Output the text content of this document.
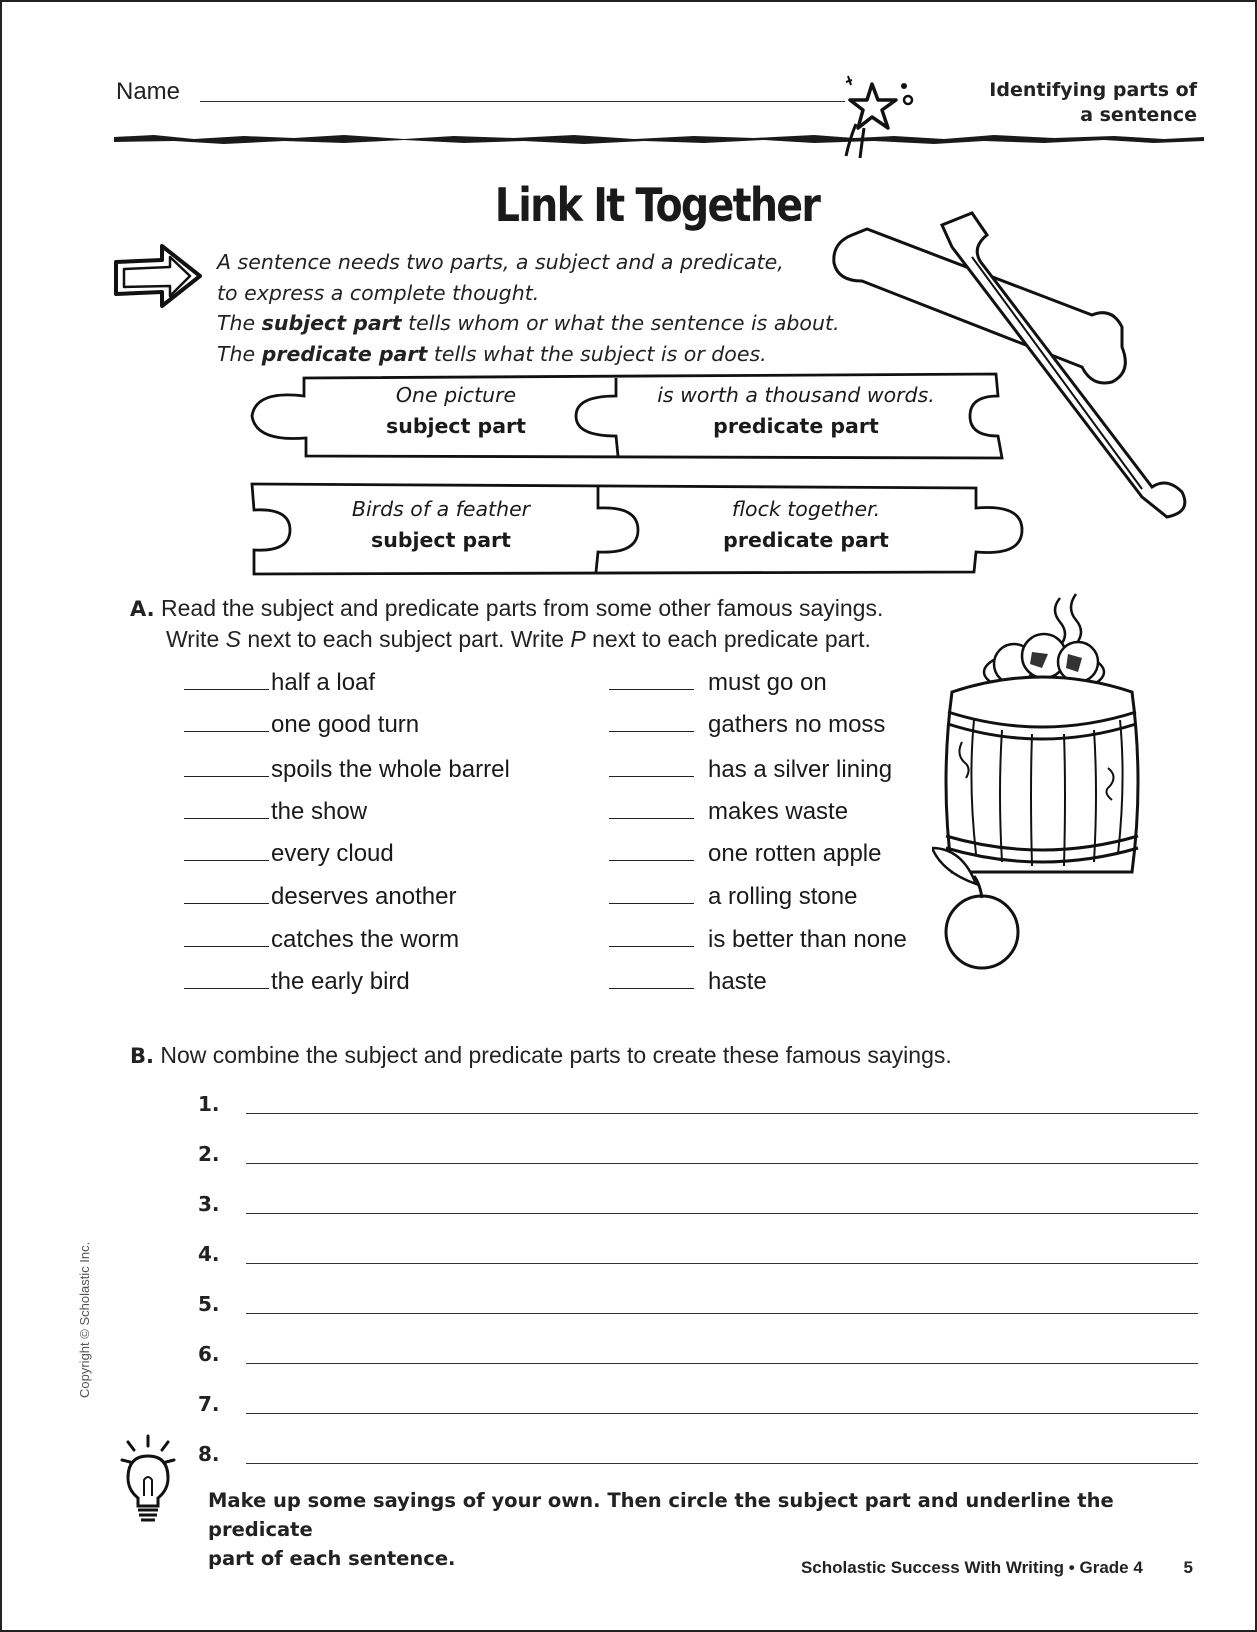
Name	Identifying parts of
a sentence
Link It Together
A sentence needs two parts, a subject and a predicate,
to express a complete thought.
The subject part tells whom or what the sentence is about.
The predicate part tells what the subject is or does.
One picture
subject part
is worth a thousand words.
predicate part
Birds of a feather
subject part
flock together.
predicate part
A. Read the subject and predicate parts from some other famous sayings.
Write S next to each subject part. Write P next to each predicate part.
half a loaf
one good turn
spoils the whole barrel
the show
every cloud
deserves another
catches the worm
the early bird
must go on
gathers no moss
has a silver lining
makes waste
one rotten apple
a rolling stone
is better than none
haste
B. Now combine the subject and predicate parts to create these famous sayings.
1.
2.
3.
4.
5.
6.
7.
8.
Make up some sayings of your own. Then circle the subject part and underline the predicate
part of each sentence.
Copyright © Scholastic Inc.
Scholastic Success With Writing • Grade 4 5
